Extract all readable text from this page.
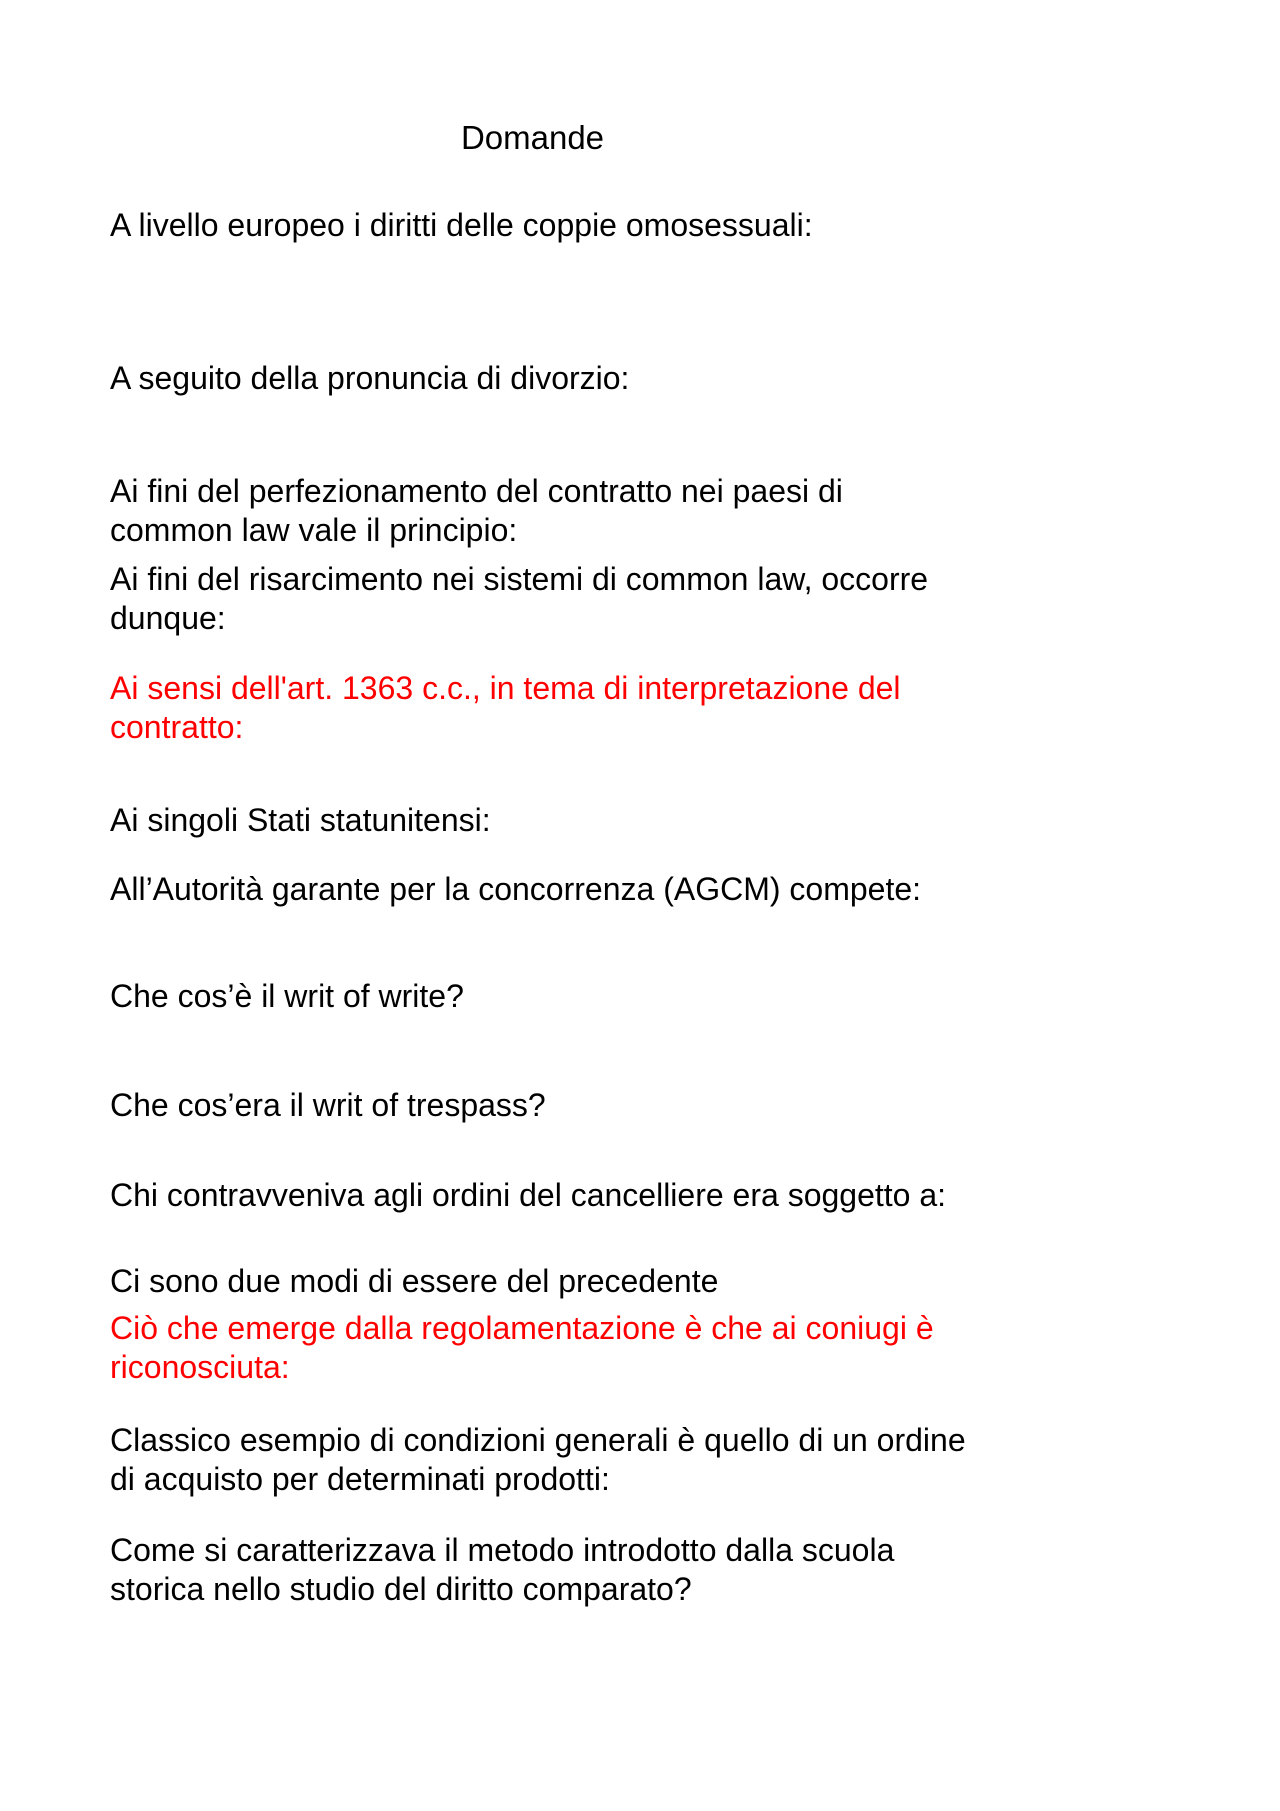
Domande

A livello europeo i diritti delle coppie omosessuali:

A seguito della pronuncia di divorzio:

Ai fini del perfezionamento del contratto nei paesi di common law vale il principio:

Ai fini del risarcimento nei sistemi di common law, occorre dunque:

Ai sensi dell'art. 1363 c.c., in tema di interpretazione del contratto:

Ai singoli Stati statunitensi:

All’Autorità garante per la concorrenza (AGCM) compete:

Che cos’è il writ of write?

Che cos’era il writ of trespass?

Chi contravveniva agli ordini del cancelliere era soggetto a:

Ci sono due modi di essere del precedente

Ciò che emerge dalla regolamentazione è che ai coniugi è riconosciuta:

Classico esempio di condizioni generali è quello di un ordine di acquisto per determinati prodotti:

Come si caratterizzava il metodo introdotto dalla scuola storica nello studio del diritto comparato?
